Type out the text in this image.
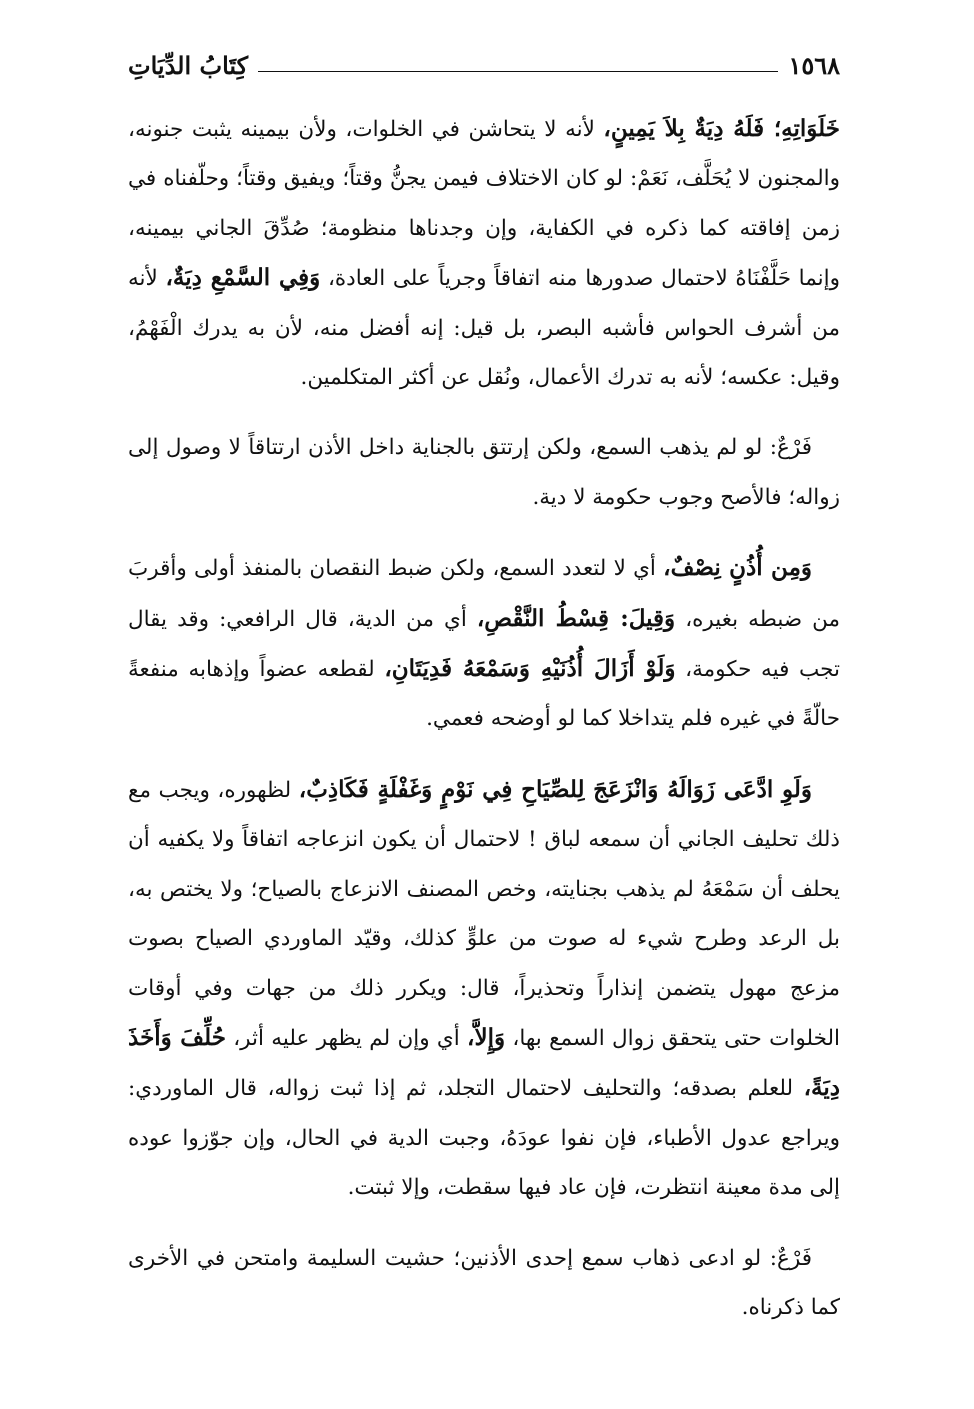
١٥٦٨
كِتَابُ الدِّيَاتِ

خَلَوَاتِهِ؛ فَلَهُ دِيَةٌ بِلاَ يَمِينٍ، لأنه لا يتحاشن في الخلوات، ولأن بيمينه يثبت جنونه، والمجنون لا يُحَلَّف، نَعَمْ: لو كان الاختلاف فيمن يجنُّ وقتاً؛ ويفيق وقتاً؛ وحلّفناه في زمن إفاقته كما ذكره في الكفاية، وإن وجدناها منظومة؛ صُدِّقَ الجاني بيمينه، وإنما حَلَّفْنَاهُ لاحتمال صدورها منه اتفاقاً وجرياً على العادة، وَفِي السَّمْعِ دِيَةٌ، لأنه من أشرف الحواس فأشبه البصر، بل قيل: إنه أفضل منه، لأن به يدرك الْفَهْمُ، وقيل: عكسه؛ لأنه به تدرك الأعمال، ونُقل عن أكثر المتكلمين.

فَرْعٌ: لو لم يذهب السمع، ولكن إرتتق بالجناية داخل الأذن ارتتاقاً لا وصول إلى زواله؛ فالأصح وجوب حكومة لا دية.

وَمِن أُذُنٍ نِصْفٌ، أي لا لتعدد السمع، ولكن ضبط النقصان بالمنفذ أولى وأقربَ من ضبطه بغيره، وَقِيلَ: قِسْطُ النَّقْصِ، أي من الدية، قال الرافعي: وقد يقال تجب فيه حكومة، وَلَوْ أَزَالَ أُذُنَيْهِ وَسَمْعَهُ فَدِيَتَانِ، لقطعه عضواً وإذهابه منفعةً حالّةً في غيره فلم يتداخلا كما لو أوضحه فعمي.

وَلَوِ ادَّعَى زَوَالَهُ وَانْزَعَجَ لِلصِّيَاحِ فِي نَوْمٍ وَغَفْلَةٍ فَكَاذِبٌ، لظهوره، ويجب مع ذلك تحليف الجاني أن سمعه لباق ! لاحتمال أن يكون انزعاجه اتفاقاً ولا يكفيه أن يحلف أن سَمْعَهُ لم يذهب بجنايته، وخص المصنف الانزعاج بالصياح؛ ولا يختص به، بل الرعد وطرح شيء له صوت من علوٍّ كذلك، وقيّد الماوردي الصياح بصوت مزعج مهول يتضمن إنذاراً وتحذيراً، قال: ويكرر ذلك من جهات وفي أوقات الخلوات حتى يتحقق زوال السمع بها، وَإِلاَّ، أي وإن لم يظهر عليه أثر، حُلِّفَ وَأَخَذَ دِيَةً، للعلم بصدقه؛ والتحليف لاحتمال التجلد، ثم إذا ثبت زواله، قال الماوردي: ويراجع عدول الأطباء، فإن نفوا عودَهُ، وجبت الدية في الحال، وإن جوّزوا عوده إلى مدة معينة انتظرت، فإن عاد فيها سقطت، وإلا ثبتت.

فَرْعٌ: لو ادعى ذهاب سمع إحدى الأذنين؛ حشيت السليمة وامتحن في الأخرى كما ذكرناه.
